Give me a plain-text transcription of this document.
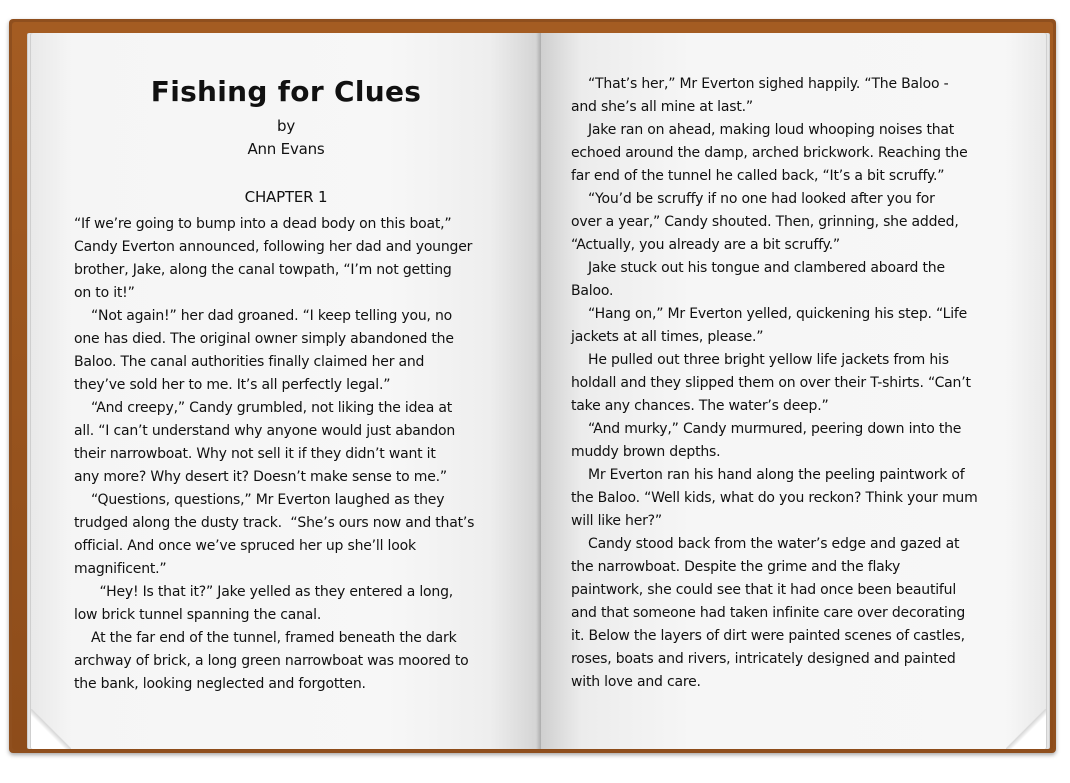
Fishing for Clues

by

Ann Evans

CHAPTER 1

“If we’re going to bump into a dead body on this boat,”
Candy Everton announced, following her dad and younger
brother, Jake, along the canal towpath, “I’m not getting
on to it!”
“Not again!” her dad groaned. “I keep telling you, no
one has died. The original owner simply abandoned the
Baloo. The canal authorities finally claimed her and
they’ve sold her to me. It’s all perfectly legal.”
“And creepy,” Candy grumbled, not liking the idea at
all. “I can’t understand why anyone would just abandon
their narrowboat. Why not sell it if they didn’t want it
any more? Why desert it? Doesn’t make sense to me.”
“Questions, questions,” Mr Everton laughed as they
trudged along the dusty track.  “She’s ours now and that’s
official. And once we’ve spruced her up she’ll look
magnificent.”
“Hey! Is that it?” Jake yelled as they entered a long,
low brick tunnel spanning the canal.
At the far end of the tunnel, framed beneath the dark
archway of brick, a long green narrowboat was moored to
the bank, looking neglected and forgotten.
“That’s her,” Mr Everton sighed happily. “The Baloo -
and she’s all mine at last.”
Jake ran on ahead, making loud whooping noises that
echoed around the damp, arched brickwork. Reaching the
far end of the tunnel he called back, “It’s a bit scruffy.”
“You’d be scruffy if no one had looked after you for
over a year,” Candy shouted. Then, grinning, she added,
“Actually, you already are a bit scruffy.”
Jake stuck out his tongue and clambered aboard the
Baloo.
“Hang on,” Mr Everton yelled, quickening his step. “Life
jackets at all times, please.”
He pulled out three bright yellow life jackets from his
holdall and they slipped them on over their T-shirts. “Can’t
take any chances. The water’s deep.”
“And murky,” Candy murmured, peering down into the
muddy brown depths.
Mr Everton ran his hand along the peeling paintwork of
the Baloo. “Well kids, what do you reckon? Think your mum
will like her?”
Candy stood back from the water’s edge and gazed at
the narrowboat. Despite the grime and the flaky
paintwork, she could see that it had once been beautiful
and that someone had taken infinite care over decorating
it. Below the layers of dirt were painted scenes of castles,
roses, boats and rivers, intricately designed and painted
with love and care.
